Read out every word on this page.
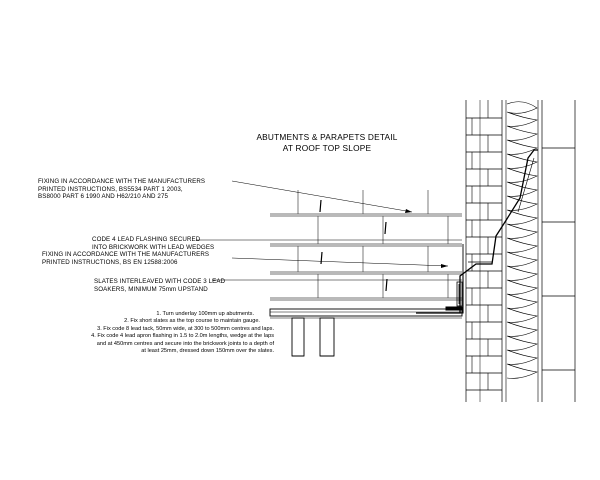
ABUTMENTS & PARAPETS DETAIL
AT ROOF TOP SLOPE
FIXING IN ACCORDANCE WITH THE MANUFACTURERS
PRINTED INSTRUCTIONS, BS5534 PART 1 2003,
BS8000 PART 6 1990 AND H62/210 AND 275
CODE 4 LEAD FLASHING SECURED
INTO BRICKWORK WITH LEAD WEDGES
FIXING IN ACCORDANCE WITH THE MANUFACTURERS
PRINTED INSTRUCTIONS, BS EN 12588:2006
SLATES INTERLEAVED WITH CODE 3 LEAD
SOAKERS, MINIMUM 75mm UPSTAND
1. Turn underlay 100mm up abutments.
2. Fix short slates as the top course to maintain gauge.
3. Fix code 8 lead tack, 50mm wide, at 300 to 500mm centres and laps.
4. Fix code 4 lead apron flashing in 1.5 to 2.0m lengths, wedge at the laps
and at 450mm centres and secure into the brickwork joints to a depth of
at least 25mm, dressed down 150mm over the slates.
